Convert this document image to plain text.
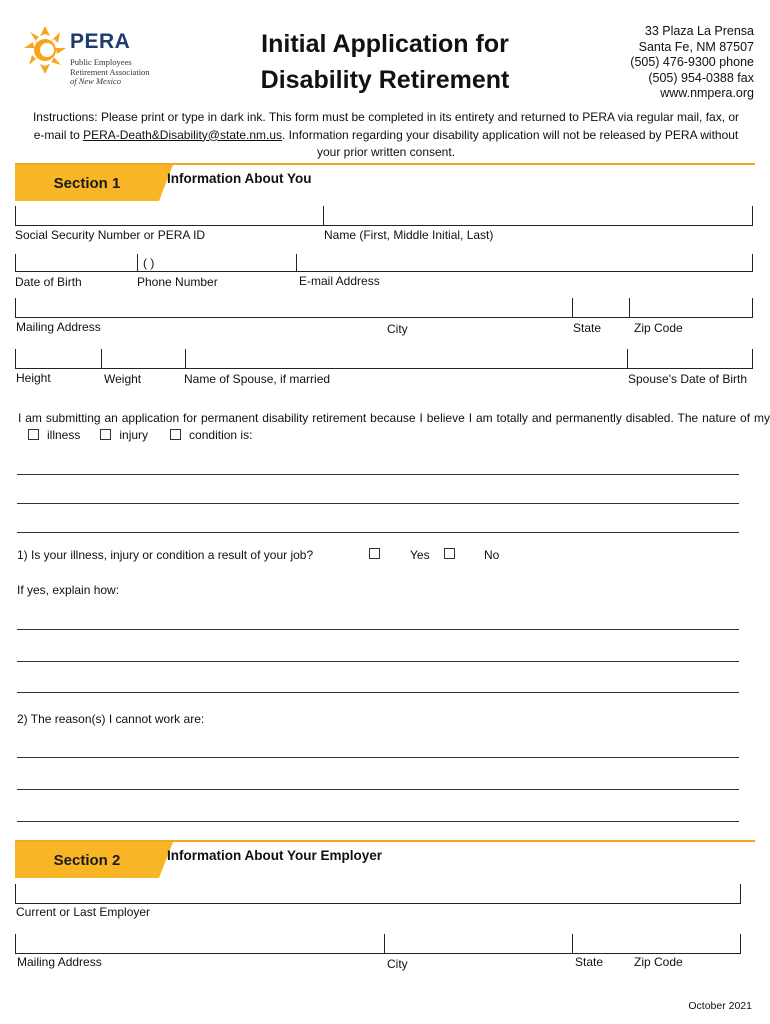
PERA
Public Employees
Retirement Association
of New Mexico
Initial Application for
Disability Retirement
33 Plaza La Prensa
Santa Fe, NM 87507
(505) 476-9300 phone
(505) 954-0388 fax
www.nmpera.org
Instructions: Please print or type in dark ink. This form must be completed in its entirety and returned to PERA via regular mail, fax, or e-mail to PERA-Death&Disability@state.nm.us. Information regarding your disability application will not be released by PERA without your prior written consent.
Section 1	Information About You
Social Security Number or PERA ID	Name (First, Middle Initial, Last)
( )
Date of Birth	Phone Number	E-mail Address
Mailing Address	City	State	Zip Code
Height	Weight	Name of Spouse, if married	Spouse's Date of Birth
I am submitting an application for permanent disability retirement because I believe I am totally and permanently disabled. The nature of myillness	injury	condition is:
1) Is your illness, injury or condition a result of your job?	Yes	No
If yes, explain how:
2) The reason(s) I cannot work are:
Section 2	Information About Your Employer
Current or Last Employer
Mailing Address	City	State	Zip Code
October 2021
